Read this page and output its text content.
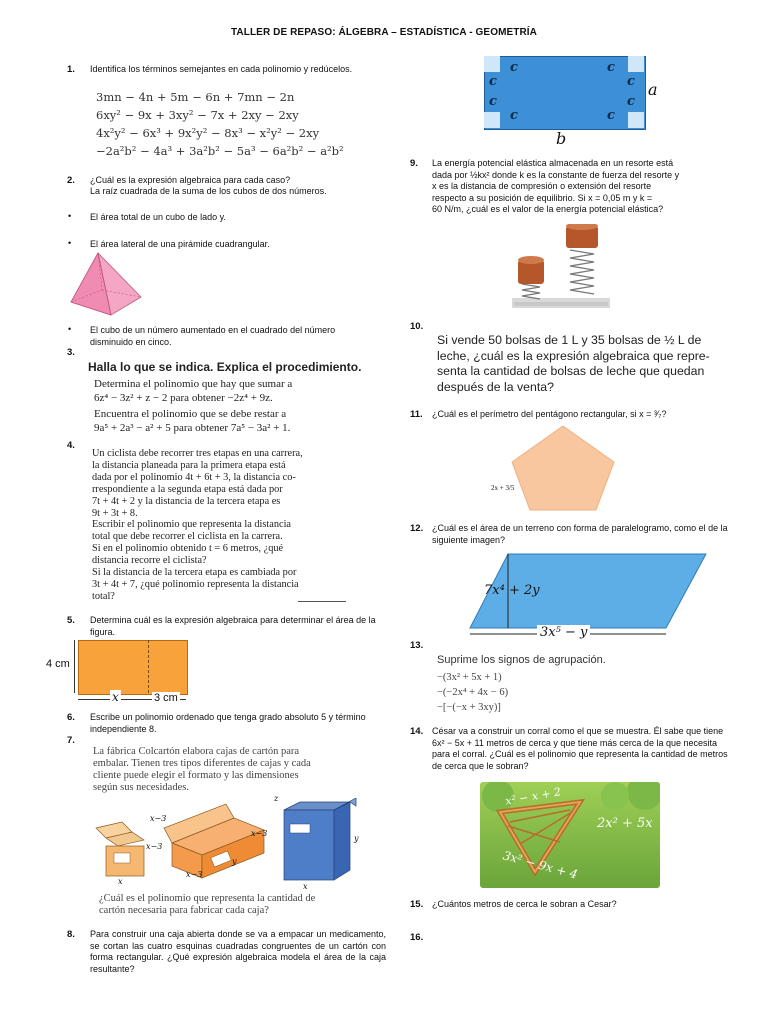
TALLER DE REPASO: ÁLGEBRA – ESTADÍSTICA - GEOMETRÍA
1. Identifica los términos semejantes en cada polinomio y redúcelos.
3mn − 4n + 5m − 6n + 7mn − 2n
6xy² − 9x + 3xy² − 7x + 2xy − 2xy
4x²y² − 6x³ + 9x²y² − 8x³ − x²y² − 2xy
−2a²b² − 4a³ + 3a²b² − 5a³ − 6a²b² − a²b²
2. ¿Cuál es la expresión algebraica para cada caso?
La raíz cuadrada de la suma de los cubos de dos números.
• El área total de un cubo de lado y.
• El área lateral de una pirámide cuadrangular.
• El cubo de un número aumentado en el cuadrado del número disminuido en cinco.
3.
Halla lo que se indica. Explica el procedimiento.
Determina el polinomio que hay que sumar a
6z⁴ − 3z² + z − 2 para obtener −2z⁴ + 9z.
Encuentra el polinomio que se debe restar a
9a⁵ + 2a³ − a² + 5 para obtener 7a⁵ − 3a² + 1.
4.
Un ciclista debe recorrer tres etapas en una carrera,
la distancia planeada para la primera etapa está
dada por el polinomio 4t + 6t + 3, la distancia co-
rrespondiente a la segunda etapa está dada por
7t + 4t + 2 y la distancia de la tercera etapa es
9t + 3t + 8.
Escribir el polinomio que representa la distancia
total que debe recorrer el ciclista en la carrera.
Si en el polinomio obtenido t = 6 metros, ¿qué
distancia recorre el ciclista?
Si la distancia de la tercera etapa es cambiada por
3t + 4t + 7, ¿qué polinomio representa la distancia
total?
5. Determina cuál es la expresión algebraica para determinar el área de la figura.
4 cm
x	3 cm
6. Escribe un polinomio ordenado que tenga grado absoluto 5 y término independiente 8.
7.
La fábrica Colcartón elabora cajas de cartón para
embalar. Tienen tres tipos diferentes de cajas y cada
cliente puede elegir el formato y las dimensiones
según sus necesidades.
x−3
x−3
x
x−3
y
x−3
z
y
x
¿Cuál es el polinomio que representa la cantidad de
cartón necesaria para fabricar cada caja?
8. Para construir una caja abierta donde se va a empacar un medicamento, se cortan las cuatro esquinas cuadradas congruentes de un cartón con forma rectangular. ¿Qué expresión algebraica modela el área de la caja resultante?
c	c
c	c
c	c
c	c
a
b
9. La energía potencial elástica almacenada en un resorte está
dada por ½kx² donde k es la constante de fuerza del resorte y
x es la distancia de compresión o extensión del resorte
respecto a su posición de equilibrio. Si x = 0,05 m y k =
60 N/m, ¿cuál es el valor de la energía potencial elástica?
10.
Si vende 50 bolsas de 1 L y 35 bolsas de ½ L de
leche, ¿cuál es la expresión algebraica que repre-
senta la cantidad de bolsas de leche que quedan
después de la venta?
11. ¿Cuál es el perímetro del pentágono rectangular, si x = ³⁄₇?
2x + 3/5
12. ¿Cuál es el área de un terreno con forma de paralelogramo, como el de la siguiente imagen?
7x⁴ + 2y
3x⁵ − y
13.
Suprime los signos de agrupación.
−(3x² + 5x + 1)
−(−2x⁴ + 4x − 6)
−[−(−x + 3xy)]
14. César va a construir un corral como el que se muestra. Él sabe que tiene 6x² − 5x + 11 metros de cerca y que tiene más cerca de la que necesita para el corral. ¿Cuál es el polinomio que representa la cantidad de metros de cerca que le sobran?
x² − x + 2
2x² + 5x
3x² − 9x + 4
15. ¿Cuántos metros de cerca le sobran a Cesar?
16.
